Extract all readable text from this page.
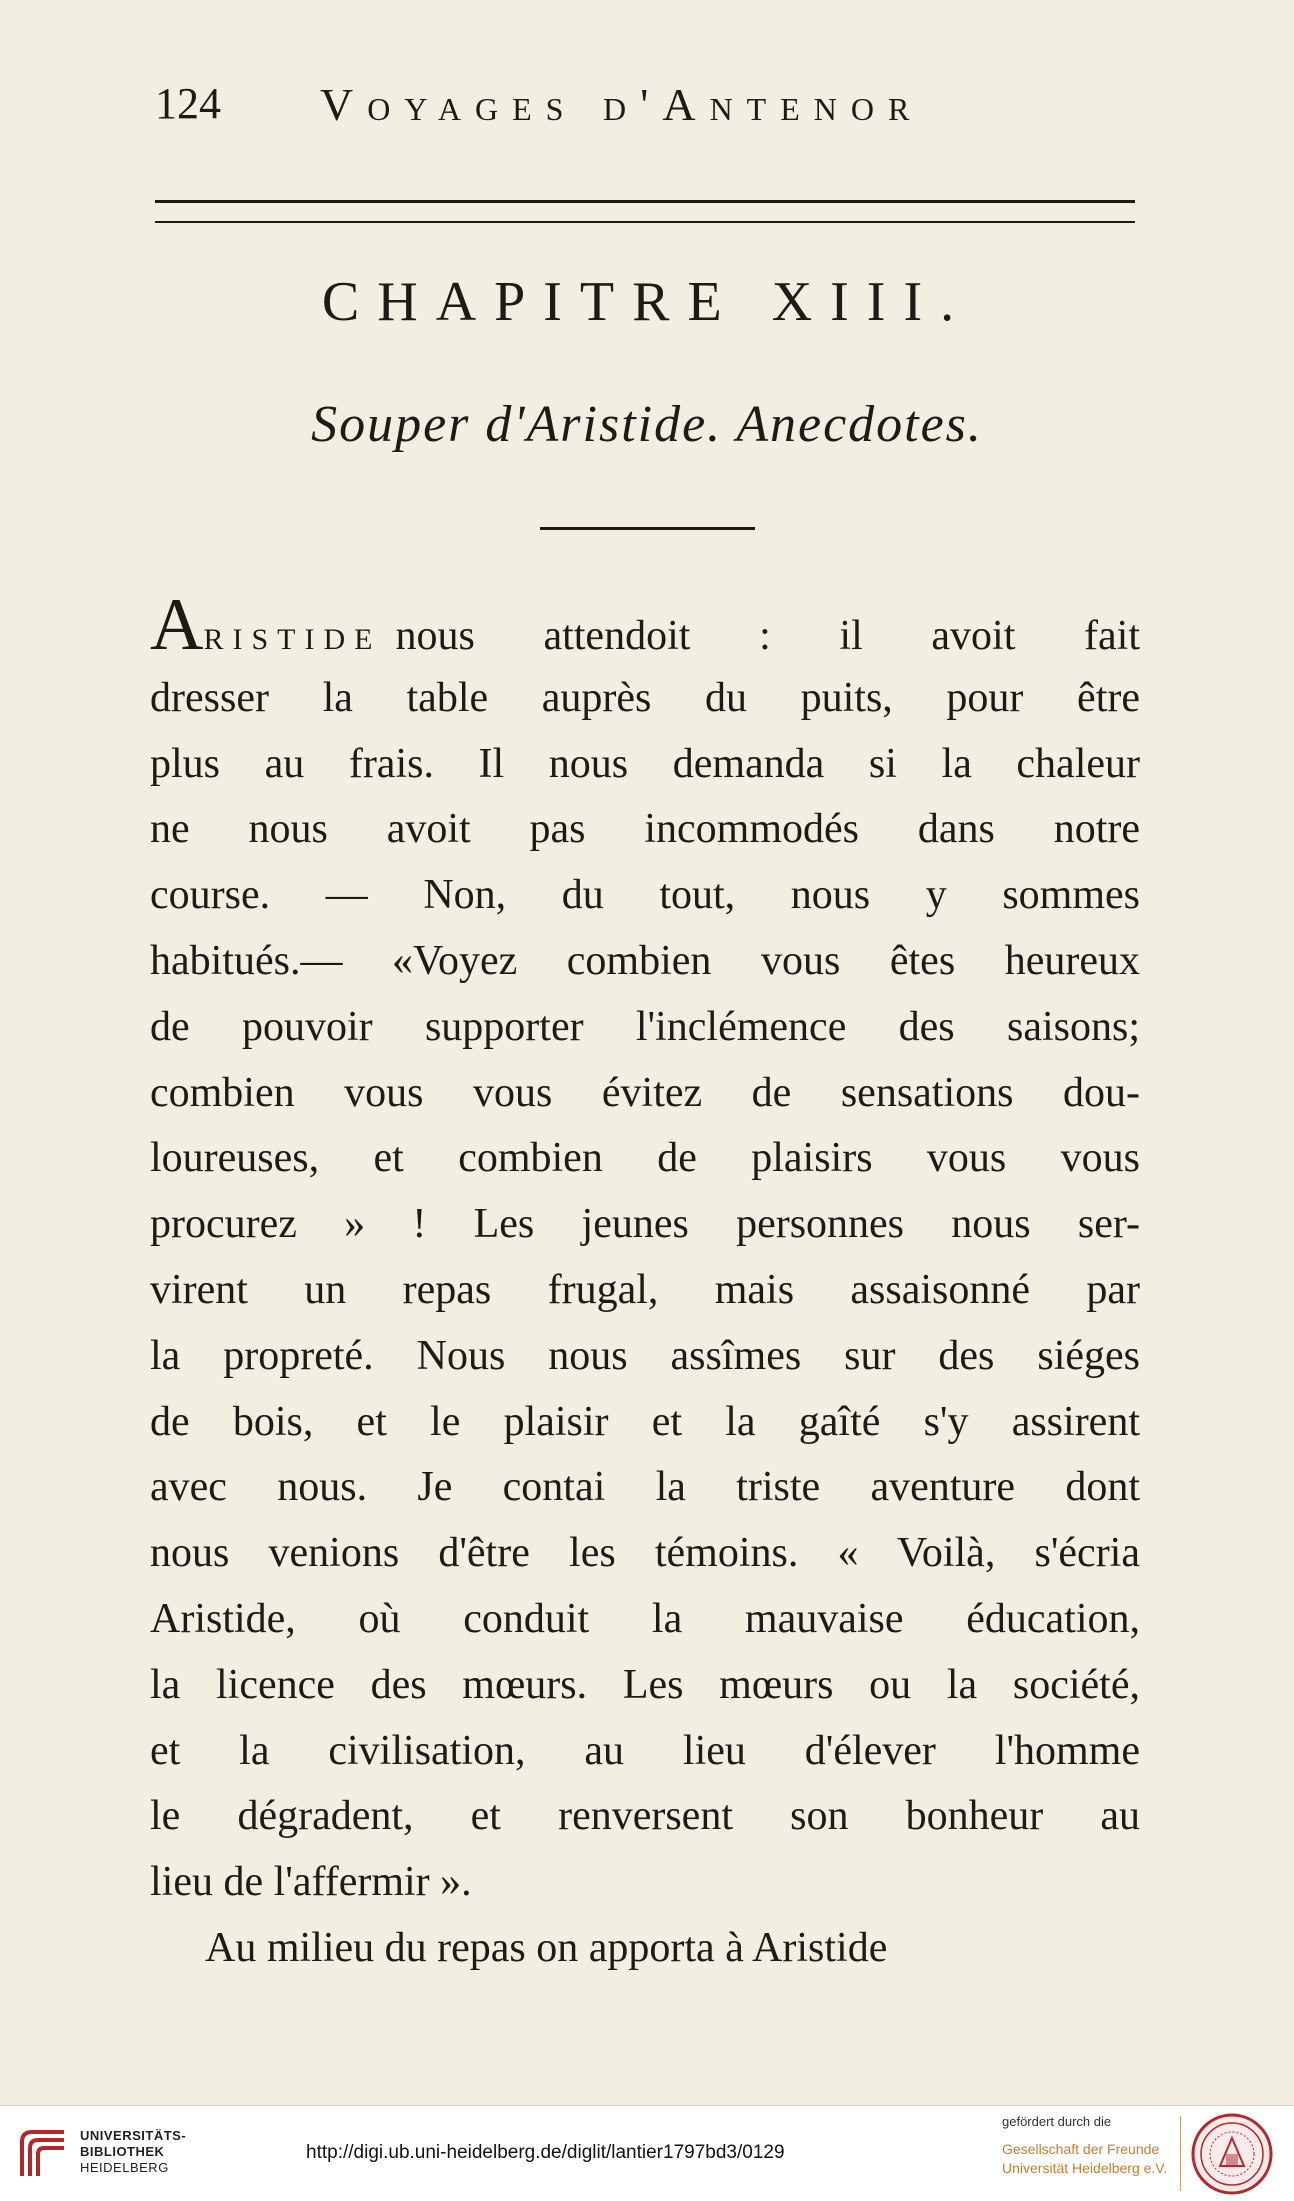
124 Voyages d'Antenor
CHAPITRE XIII.
Souper d'Aristide. Anecdotes.
ARISTIDE nous attendoit : il avoit fait
dresser la table auprès du puits, pour être
plus au frais. Il nous demanda si la chaleur
ne nous avoit pas incommodés dans notre
course. — Non, du tout, nous y sommes
habitués.— «Voyez combien vous êtes heureux
de pouvoir supporter l'inclémence des saisons;
combien vous vous évitez de sensations dou-
loureuses, et combien de plaisirs vous vous
procurez » ! Les jeunes personnes nous ser-
virent un repas frugal, mais assaisonné par
la propreté. Nous nous assîmes sur des siéges
de bois, et le plaisir et la gaîté s'y assirent
avec nous. Je contai la triste aventure dont
nous venions d'être les témoins. « Voilà, s'écria
Aristide, où conduit la mauvaise éducation,
la licence des mœurs. Les mœurs ou la société,
et la civilisation, au lieu d'élever l'homme
le dégradent, et renversent son bonheur au
lieu de l'affermir ».
Au milieu du repas on apporta à Aristide
UNIVERSITÄTS-
BIBLIOTHEK
HEIDELBERG
http://digi.ub.uni-heidelberg.de/diglit/lantier1797bd3/0129
gefördert durch die
Gesellschaft der Freunde
Universität Heidelberg e.V.
